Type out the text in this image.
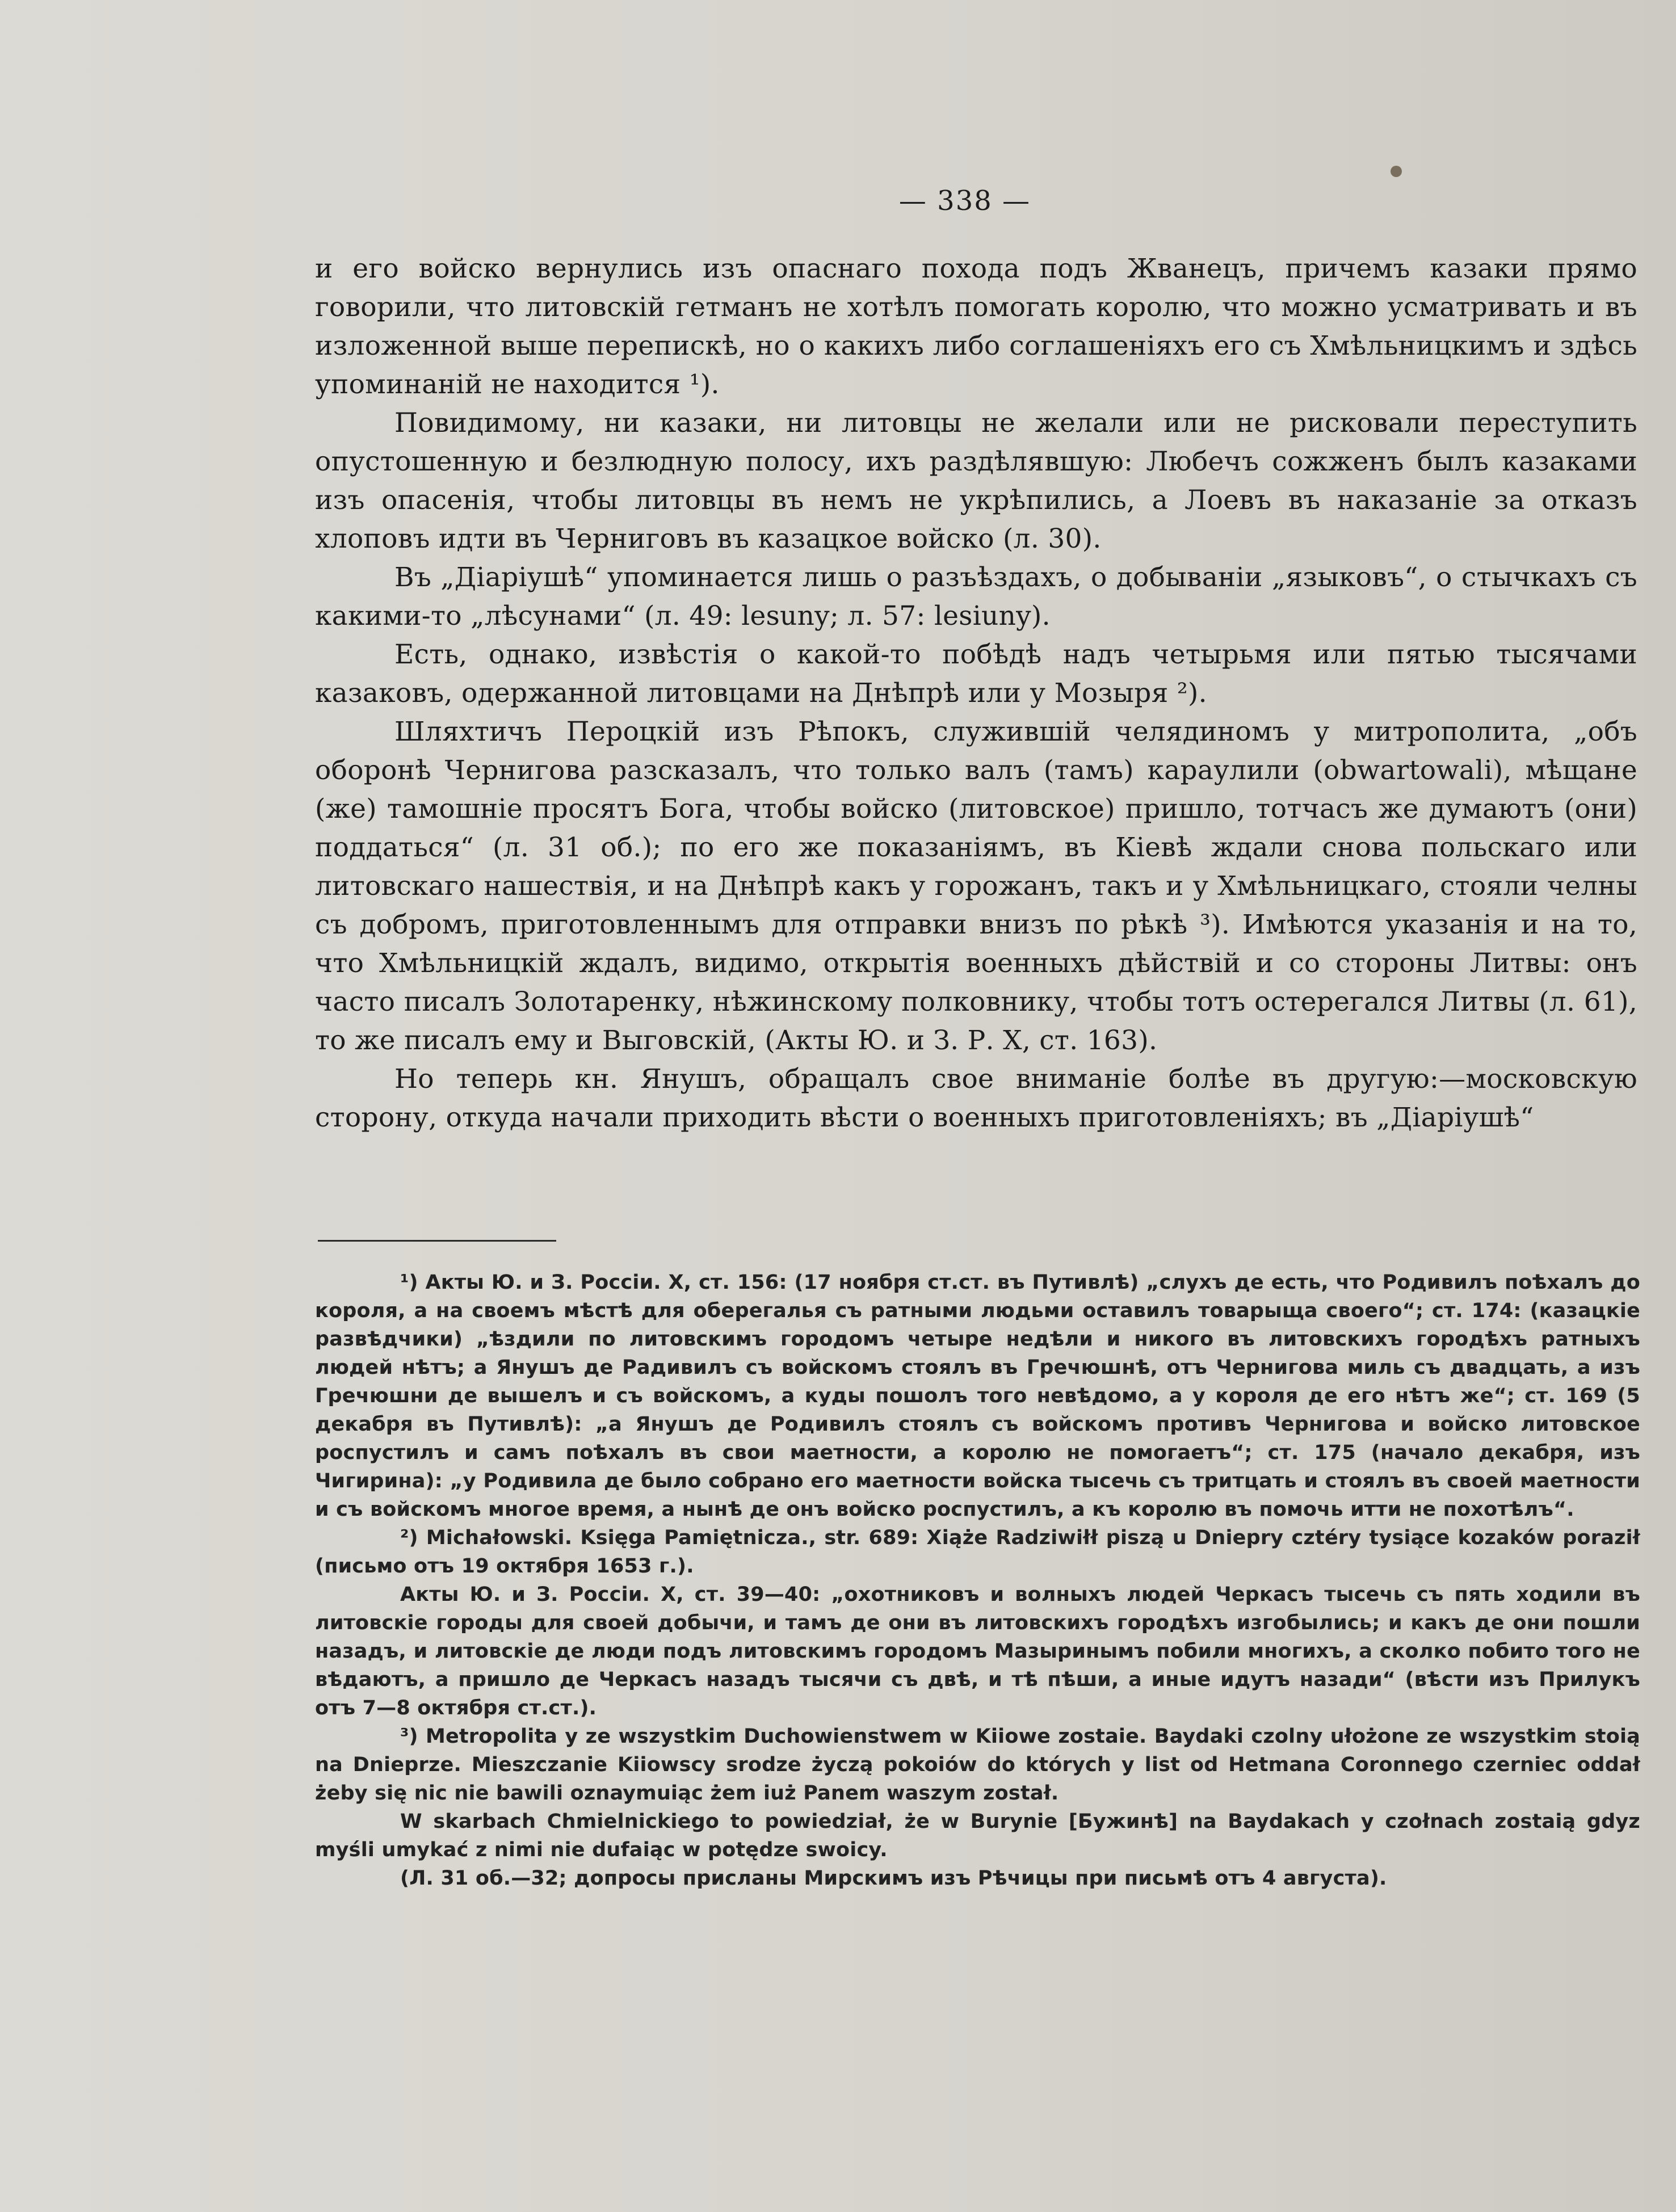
— 338 —

и его войско вернулись изъ опаснаго похода подъ Жванецъ, причемъ казаки прямо говорили, что литовскій гетманъ не хотѣлъ помогать королю, что можно усматривать и въ изложенной выше перепискѣ, но о какихъ либо соглашеніяхъ его съ Хмѣльницкимъ и здѣсь упоминаній не находится ¹).

Повидимому, ни казаки, ни литовцы не желали или не рисковали переступить опустошенную и безлюдную полосу, ихъ раздѣлявшую: Любечъ сожженъ былъ казаками изъ опасенія, чтобы литовцы въ немъ не укрѣпились, а Лоевъ въ наказаніе за отказъ хлоповъ идти въ Черниговъ въ казацкое войско (л. 30).

Въ „Діаріушѣ“ упоминается лишь о разъѣздахъ, о добываніи „языковъ“, о стычкахъ съ какими-то „лѣсунами“ (л. 49: lesuny; л. 57: lesiuny).

Есть, однако, извѣстія о какой-то побѣдѣ надъ четырьмя или пятью тысячами казаковъ, одержанной литовцами на Днѣпрѣ или у Мозыря ²).

Шляхтичъ Пероцкій изъ Рѣпокъ, служившій челядиномъ у митрополита, „объ оборонѣ Чернигова разсказалъ, что только валъ (тамъ) караулили (obwartowali), мѣщане (же) тамошніе просятъ Бога, чтобы войско (литовское) пришло, тотчасъ же думаютъ (они) поддаться“ (л. 31 об.); по его же показаніямъ, въ Кіевѣ ждали снова польскаго или литовскаго нашествія, и на Днѣпрѣ какъ у горожанъ, такъ и у Хмѣльницкаго, стояли челны съ добромъ, приготовленнымъ для отправки внизъ по рѣкѣ ³). Имѣются указанія и на то, что Хмѣльницкій ждалъ, видимо, открытія военныхъ дѣйствій и со стороны Литвы: онъ часто писалъ Золотаренку, нѣжинскому полковнику, чтобы тотъ остерегался Литвы (л. 61), то же писалъ ему и Выговскій, (Акты Ю. и З. Р. X, ст. 163).

Но теперь кн. Янушъ, обращалъ свое вниманіе болѣе въ другую:—московскую сторону, откуда начали приходить вѣсти о военныхъ приготовленіяхъ; въ „Діаріушѣ“

¹) Акты Ю. и З. Россіи. X, ст. 156: (17 ноября ст.ст. въ Путивлѣ) „слухъ де есть, что Родивилъ поѣхалъ до короля, а на своемъ мѣстѣ для оберегалья съ ратными людьми оставилъ товарыща своего“; ст. 174: (казацкіе развѣдчики) „ѣздили по литовскимъ городомъ четыре недѣли и никого въ литовскихъ городѣхъ ратныхъ людей нѣтъ; а Янушъ де Радивилъ съ войскомъ стоялъ въ Гречюшнѣ, отъ Чернигова миль съ двадцать, а изъ Гречюшни де вышелъ и съ войскомъ, а куды пошолъ того невѣдомо, а у короля де его нѣтъ же“; ст. 169 (5 декабря въ Путивлѣ): „а Янушъ де Родивилъ стоялъ съ войскомъ противъ Чернигова и войско литовское роспустилъ и самъ поѣхалъ въ свои маетности, а королю не помогаетъ“; ст. 175 (начало декабря, изъ Чигирина): „у Родивила де было собрано его маетности войска тысечь съ тритцать и стоялъ въ своей маетности и съ войскомъ многое время, а нынѣ де онъ войско роспустилъ, а къ королю въ помочь итти не похотѣлъ“.

²) Michałowski. Księga Pamiętnicza., str. 689: Xiąże Radziwiłł piszą u Dnieprу cztéry tysiące kozaków poraził (письмо отъ 19 октября 1653 г.).

Акты Ю. и З. Россіи. X, ст. 39—40: „охотниковъ и волныхъ людей Черкасъ тысечь съ пять ходили въ литовскіе городы для своей добычи, и тамъ де они въ литовскихъ городѣхъ изгобылись; и какъ де они пошли назадъ, и литовскіе де люди подъ литовскимъ городомъ Мазыринымъ побили многихъ, а сколко побито того не вѣдаютъ, а пришло де Черкасъ назадъ тысячи съ двѣ, и тѣ пѣши, а иные идутъ назади“ (вѣсти изъ Прилукъ отъ 7—8 октября ст.ст.).

³) Metropolita у ze wszystkim Duchowienstwem w Kiiowe zostaie. Baydaki czolny ułożone ze wszystkim stoią na Dnieprze. Mieszczanie Kiiowscy srodze życzą pokoiów do których у list od Hetmana Coronnego czerniec oddał żeby się nic nie bawili oznaymuiąc żem iuż Panem waszym został.

W skarbach Chmielnickiego to powiedział, że w Burynie [Бужинѣ] na Baydakach у czołnach zostaią gdyz myśli umykać z nimi nie dufaiąc w potędze swoicy.

(Л. 31 об.—32; допросы присланы Мирскимъ изъ Рѣчицы при письмѣ отъ 4 августа).
